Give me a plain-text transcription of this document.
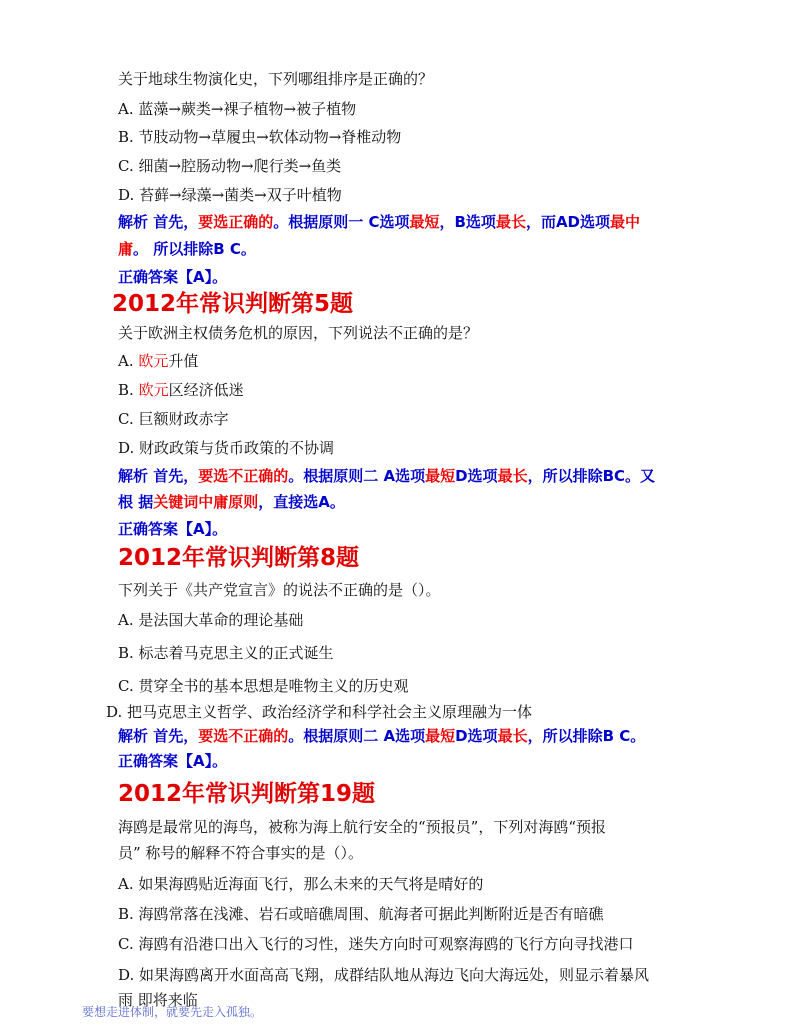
关于地球生物演化史，下列哪组排序是正确的？
A. 蓝藻→蕨类→裸子植物→被子植物
B. 节肢动物→草履虫→软体动物→脊椎动物
C. 细菌→腔肠动物→爬行类→鱼类
D. 苔藓→绿藻→菌类→双子叶植物
解析 首先，要选正确的。根据原则一 C选项最短，B选项最长，而AD选项最中
庸。 所以排除B C。
正确答案【A】。
2012年常识判断第5题
关于欧洲主权债务危机的原因，下列说法不正确的是？
A. 欧元升值
B. 欧元区经济低迷
C. 巨额财政赤字
D. 财政政策与货币政策的不协调
解析 首先，要选不正确的。根据原则二 A选项最短D选项最长，所以排除BC。又
根 据关键词中庸原则，直接选A。
正确答案【A】。
2012年常识判断第8题
下列关于《共产党宣言》的说法不正确的是（）。
A. 是法国大革命的理论基础
B. 标志着马克思主义的正式诞生
C. 贯穿全书的基本思想是唯物主义的历史观
D. 把马克思主义哲学、政治经济学和科学社会主义原理融为一体
解析 首先，要选不正确的。根据原则二 A选项最短D选项最长，所以排除B C。
正确答案【A】。
2012年常识判断第19题
海鸥是最常见的海鸟，被称为海上航行安全的“预报员”，下列对海鸥“预报
员” 称号的解释不符合事实的是（）。
A. 如果海鸥贴近海面飞行，那么未来的天气将是晴好的
B. 海鸥常落在浅滩、岩石或暗礁周围、航海者可据此判断附近是否有暗礁
C. 海鸥有沿港口出入飞行的习性，迷失方向时可观察海鸥的飞行方向寻找港口
D. 如果海鸥离开水面高高飞翔，成群结队地从海边飞向大海远处，则显示着暴风
雨 即将来临
要想走进体制，就要先走入孤独。
